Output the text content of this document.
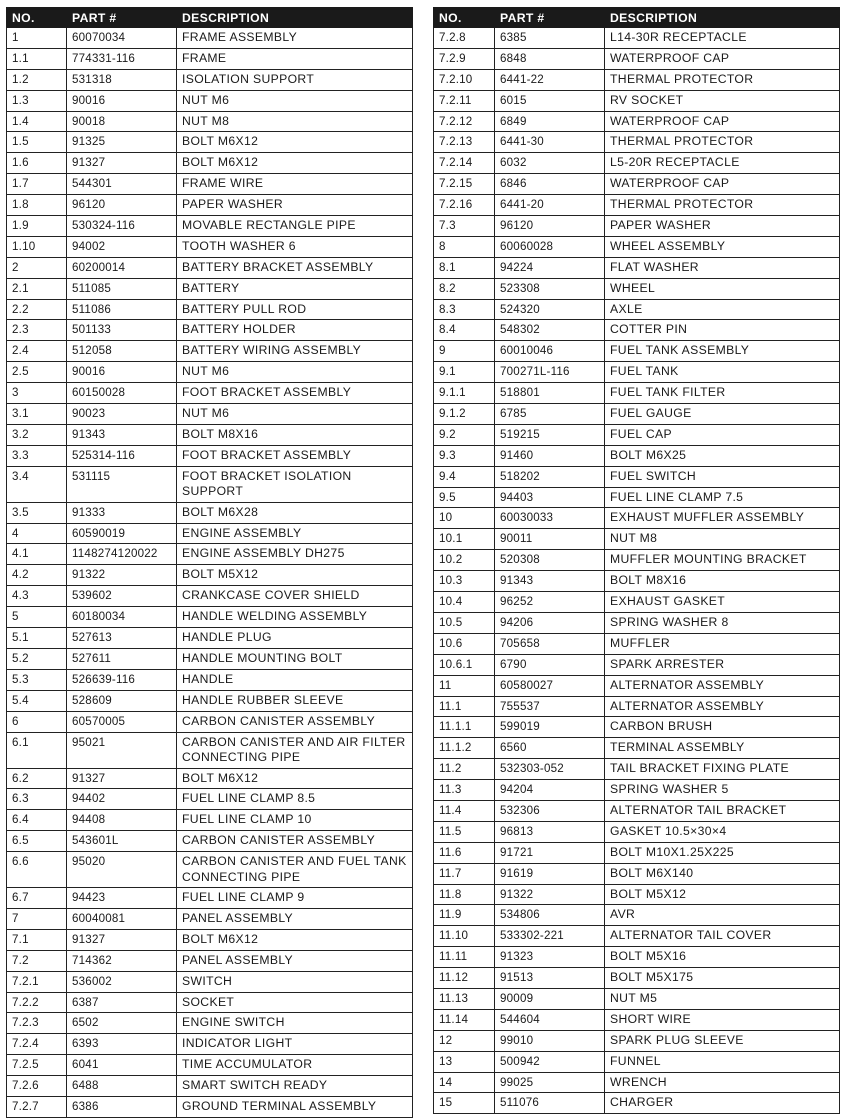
NO.	PART #	DESCRIPTION
1	60070034	FRAME ASSEMBLY
1.1	774331-116	FRAME
1.2	531318	ISOLATION SUPPORT
1.3	90016	NUT M6
1.4	90018	NUT M8
1.5	91325	BOLT M6X12
1.6	91327	BOLT M6X12
1.7	544301	FRAME WIRE
1.8	96120	PAPER WASHER
1.9	530324-116	MOVABLE RECTANGLE PIPE
1.10	94002	TOOTH WASHER 6
2	60200014	BATTERY BRACKET ASSEMBLY
2.1	511085	BATTERY
2.2	511086	BATTERY PULL ROD
2.3	501133	BATTERY HOLDER
2.4	512058	BATTERY WIRING ASSEMBLY
2.5	90016	NUT M6
3	60150028	FOOT BRACKET ASSEMBLY
3.1	90023	NUT M6
3.2	91343	BOLT M8X16
3.3	525314-116	FOOT BRACKET ASSEMBLY
3.4	531115	FOOT BRACKET ISOLATION SUPPORT
3.5	91333	BOLT M6X28
4	60590019	ENGINE ASSEMBLY
4.1	1148274120022	ENGINE ASSEMBLY DH275
4.2	91322	BOLT M5X12
4.3	539602	CRANKCASE COVER SHIELD
5	60180034	HANDLE WELDING ASSEMBLY
5.1	527613	HANDLE PLUG
5.2	527611	HANDLE MOUNTING BOLT
5.3	526639-116	HANDLE
5.4	528609	HANDLE RUBBER SLEEVE
6	60570005	CARBON CANISTER ASSEMBLY
6.1	95021	CARBON CANISTER AND AIR FILTER CONNECTING PIPE
6.2	91327	BOLT M6X12
6.3	94402	FUEL LINE CLAMP 8.5
6.4	94408	FUEL LINE CLAMP 10
6.5	543601L	CARBON CANISTER ASSEMBLY
6.6	95020	CARBON CANISTER AND FUEL TANK CONNECTING PIPE
6.7	94423	FUEL LINE CLAMP 9
7	60040081	PANEL ASSEMBLY
7.1	91327	BOLT M6X12
7.2	714362	PANEL ASSEMBLY
7.2.1	536002	SWITCH
7.2.2	6387	SOCKET
7.2.3	6502	ENGINE SWITCH
7.2.4	6393	INDICATOR LIGHT
7.2.5	6041	TIME ACCUMULATOR
7.2.6	6488	SMART SWITCH READY
7.2.7	6386	GROUND TERMINAL ASSEMBLY
NO.	PART #	DESCRIPTION
7.2.8	6385	L14-30R RECEPTACLE
7.2.9	6848	WATERPROOF CAP
7.2.10	6441-22	THERMAL PROTECTOR
7.2.11	6015	RV SOCKET
7.2.12	6849	WATERPROOF CAP
7.2.13	6441-30	THERMAL PROTECTOR
7.2.14	6032	L5-20R RECEPTACLE
7.2.15	6846	WATERPROOF CAP
7.2.16	6441-20	THERMAL PROTECTOR
7.3	96120	PAPER WASHER
8	60060028	WHEEL ASSEMBLY
8.1	94224	FLAT WASHER
8.2	523308	WHEEL
8.3	524320	AXLE
8.4	548302	COTTER PIN
9	60010046	FUEL TANK ASSEMBLY
9.1	700271L-116	FUEL TANK
9.1.1	518801	FUEL TANK FILTER
9.1.2	6785	FUEL GAUGE
9.2	519215	FUEL CAP
9.3	91460	BOLT M6X25
9.4	518202	FUEL SWITCH
9.5	94403	FUEL LINE CLAMP 7.5
10	60030033	EXHAUST MUFFLER ASSEMBLY
10.1	90011	NUT M8
10.2	520308	MUFFLER MOUNTING BRACKET
10.3	91343	BOLT M8X16
10.4	96252	EXHAUST GASKET
10.5	94206	SPRING WASHER 8
10.6	705658	MUFFLER
10.6.1	6790	SPARK ARRESTER
11	60580027	ALTERNATOR ASSEMBLY
11.1	755537	ALTERNATOR ASSEMBLY
11.1.1	599019	CARBON BRUSH
11.1.2	6560	TERMINAL ASSEMBLY
11.2	532303-052	TAIL BRACKET FIXING PLATE
11.3	94204	SPRING WASHER 5
11.4	532306	ALTERNATOR TAIL BRACKET
11.5	96813	GASKET 10.5×30×4
11.6	91721	BOLT M10X1.25X225
11.7	91619	BOLT M6X140
11.8	91322	BOLT M5X12
11.9	534806	AVR
11.10	533302-221	ALTERNATOR TAIL COVER
11.11	91323	BOLT M5X16
11.12	91513	BOLT M5X175
11.13	90009	NUT M5
11.14	544604	SHORT WIRE
12	99010	SPARK PLUG SLEEVE
13	500942	FUNNEL
14	99025	WRENCH
15	511076	CHARGER
